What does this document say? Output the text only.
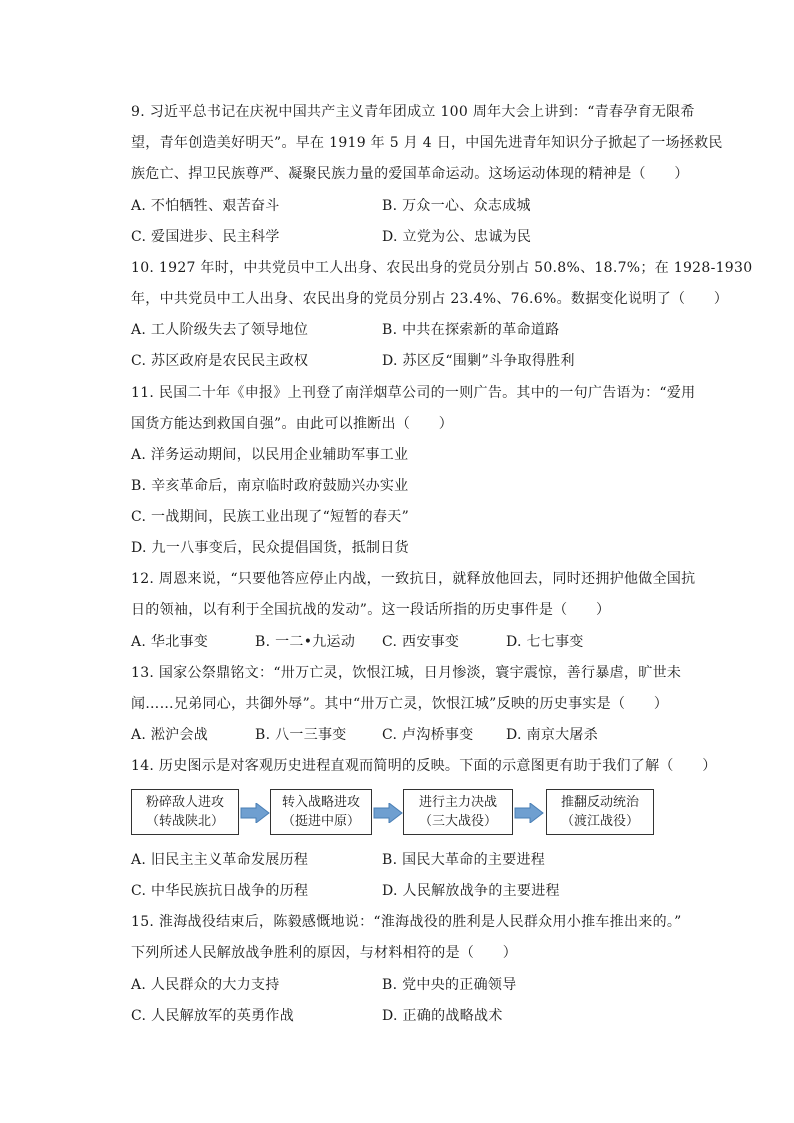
9. 习近平总书记在庆祝中国共产主义青年团成立 100 周年大会上讲到：“青春孕育无限希
望，青年创造美好明天”。早在 1919 年 5 月 4 日，中国先进青年知识分子掀起了一场拯救民
族危亡、捍卫民族尊严、凝聚民族力量的爱国革命运动。这场运动体现的精神是（　　）
A. 不怕牺牲、艰苦奋斗	B. 万众一心、众志成城
C. 爱国进步、民主科学	D. 立党为公、忠诚为民
10. 1927 年时，中共党员中工人出身、农民出身的党员分别占 50.8%、18.7%；在 1928-1930
年，中共党员中工人出身、农民出身的党员分别占 23.4%、76.6%。数据变化说明了（　　）
A. 工人阶级失去了领导地位	B. 中共在探索新的革命道路
C. 苏区政府是农民民主政权	D. 苏区反“围剿”斗争取得胜利
11. 民国二十年《申报》上刊登了南洋烟草公司的一则广告。其中的一句广告语为：“爱用
国货方能达到救国自强”。由此可以推断出（　　）
A. 洋务运动期间，以民用企业辅助军事工业
B. 辛亥革命后，南京临时政府鼓励兴办实业
C. 一战期间，民族工业出现了“短暂的春天”
D. 九一八事变后，民众提倡国货，抵制日货
12. 周恩来说，“只要他答应停止内战，一致抗日，就释放他回去，同时还拥护他做全国抗
日的领袖，以有利于全国抗战的发动”。这一段话所指的历史事件是（　　）
A. 华北事变	B. 一二•九运动 C. 西安事变	D. 七七事变
13. 国家公祭鼎铭文：“卅万亡灵，饮恨江城，日月惨淡，寰宇震惊，善行暴虐，旷世未
闻……兄弟同心，共御外辱”。其中“卅万亡灵，饮恨江城”反映的历史事实是（　　）
A. 淞沪会战	B. 八一三事变	C. 卢沟桥事变 D. 南京大屠杀
14. 历史图示是对客观历史进程直观而简明的反映。下面的示意图更有助于我们了解（　　）
粉碎敌人进攻
（转战陕北）
转入战略进攻
（挺进中原）
进行主力决战
（三大战役）
推翻反动统治
（渡江战役）
A. 旧民主主义革命发展历程	B. 国民大革命的主要进程
C. 中华民族抗日战争的历程	D. 人民解放战争的主要进程
15. 淮海战役结束后，陈毅感慨地说：“淮海战役的胜利是人民群众用小推车推出来的。”
下列所述人民解放战争胜利的原因，与材料相符的是（　　）
A. 人民群众的大力支持	B. 党中央的正确领导
C. 人民解放军的英勇作战	D. 正确的战略战术
